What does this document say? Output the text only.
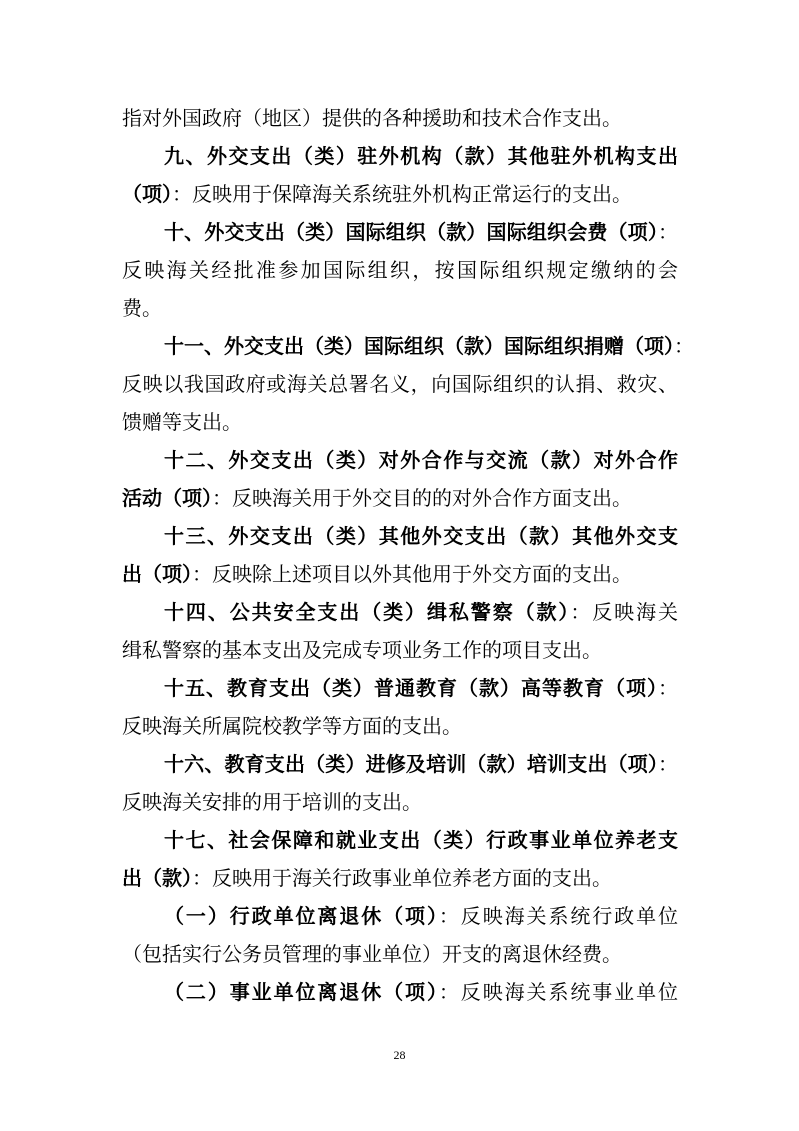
指对外国政府（地区）提供的各种援助和技术合作支出。
九、外交支出（类）驻外机构（款）其他驻外机构支出
（项）：反映用于保障海关系统驻外机构正常运行的支出。
十、外交支出（类）国际组织（款）国际组织会费（项）：
反映海关经批准参加国际组织，按国际组织规定缴纳的会
费。
十一、外交支出（类）国际组织（款）国际组织捐赠（项）：
反映以我国政府或海关总署名义，向国际组织的认捐、救灾、
馈赠等支出。
十二、外交支出（类）对外合作与交流（款）对外合作
活动（项）：反映海关用于外交目的的对外合作方面支出。
十三、外交支出（类）其他外交支出（款）其他外交支
出（项）：反映除上述项目以外其他用于外交方面的支出。
十四、公共安全支出（类）缉私警察（款）：反映海关
缉私警察的基本支出及完成专项业务工作的项目支出。
十五、教育支出（类）普通教育（款）高等教育（项）：
反映海关所属院校教学等方面的支出。
十六、教育支出（类）进修及培训（款）培训支出（项）：
反映海关安排的用于培训的支出。
十七、社会保障和就业支出（类）行政事业单位养老支
出（款）：反映用于海关行政事业单位养老方面的支出。
（一）行政单位离退休（项）：反映海关系统行政单位
（包括实行公务员管理的事业单位）开支的离退休经费。
（二）事业单位离退休（项）：反映海关系统事业单位
28
